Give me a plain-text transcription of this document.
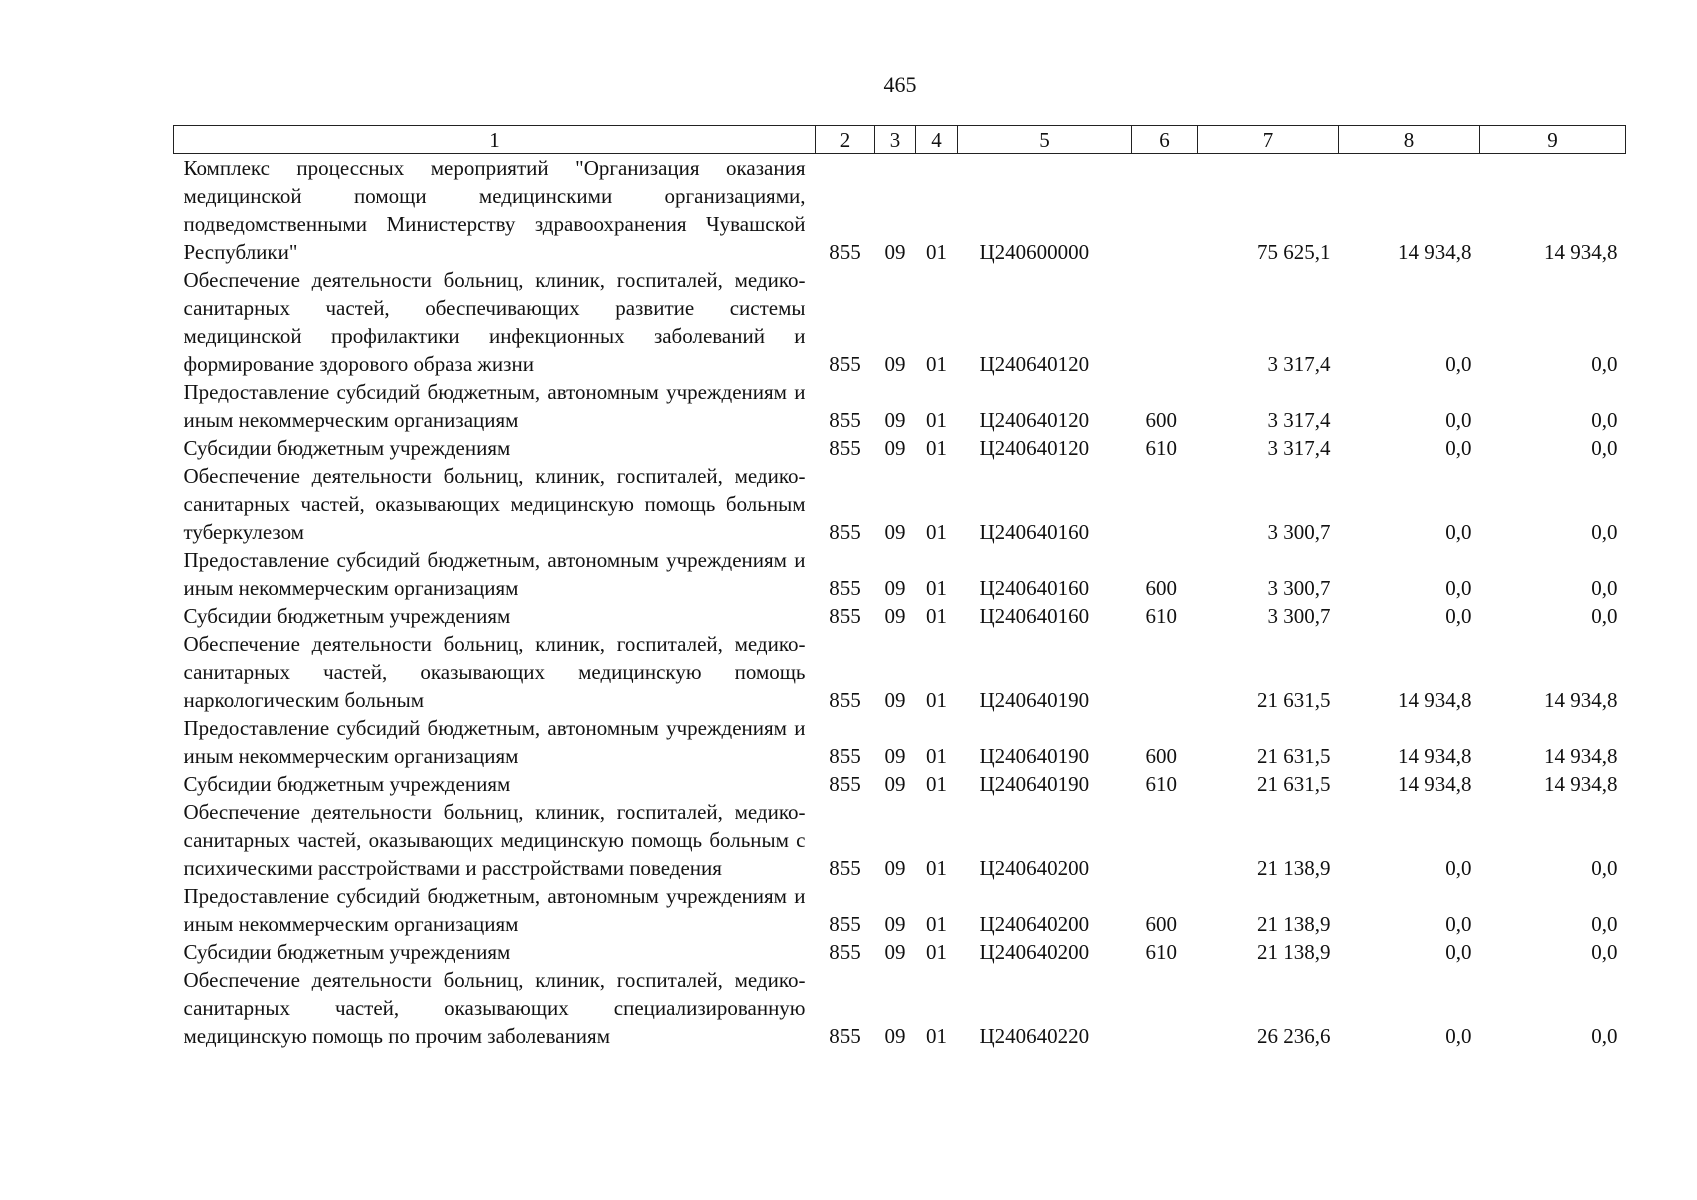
465
1	2	3	4	5	6	7	8	9
Комплекс процессных мероприятий "Организация оказания медицинской помощи медицинскими организациями, подведомственными Министерству здравоохранения Чувашской Республики"	855	09	01	Ц240600000		75 625,1	14 934,8	14 934,8
Обеспечение деятельности больниц, клиник, госпиталей, медико-санитарных частей, обеспечивающих развитие системы медицинской профилактики инфекционных заболеваний и формирование здорового образа жизни	855	09	01	Ц240640120		3 317,4	0,0	0,0
Предоставление субсидий бюджетным, автономным учреждениям и иным некоммерческим организациям	855	09	01	Ц240640120	600	3 317,4	0,0	0,0
Субсидии бюджетным учреждениям	855	09	01	Ц240640120	610	3 317,4	0,0	0,0
Обеспечение деятельности больниц, клиник, госпиталей, медико-санитарных частей, оказывающих медицинскую помощь больным туберкулезом	855	09	01	Ц240640160		3 300,7	0,0	0,0
Предоставление субсидий бюджетным, автономным учреждениям и иным некоммерческим организациям	855	09	01	Ц240640160	600	3 300,7	0,0	0,0
Субсидии бюджетным учреждениям	855	09	01	Ц240640160	610	3 300,7	0,0	0,0
Обеспечение деятельности больниц, клиник, госпиталей, медико-санитарных частей, оказывающих медицинскую помощь наркологическим больным	855	09	01	Ц240640190		21 631,5	14 934,8	14 934,8
Предоставление субсидий бюджетным, автономным учреждениям и иным некоммерческим организациям	855	09	01	Ц240640190	600	21 631,5	14 934,8	14 934,8
Субсидии бюджетным учреждениям	855	09	01	Ц240640190	610	21 631,5	14 934,8	14 934,8
Обеспечение деятельности больниц, клиник, госпиталей, медико-санитарных частей, оказывающих медицинскую помощь больным с психическими расстройствами и расстройствами поведения	855	09	01	Ц240640200		21 138,9	0,0	0,0
Предоставление субсидий бюджетным, автономным учреждениям и иным некоммерческим организациям	855	09	01	Ц240640200	600	21 138,9	0,0	0,0
Субсидии бюджетным учреждениям	855	09	01	Ц240640200	610	21 138,9	0,0	0,0
Обеспечение деятельности больниц, клиник, госпиталей, медико-санитарных частей, оказывающих специализированную медицинскую помощь по прочим заболеваниям	855	09	01	Ц240640220		26 236,6	0,0	0,0
